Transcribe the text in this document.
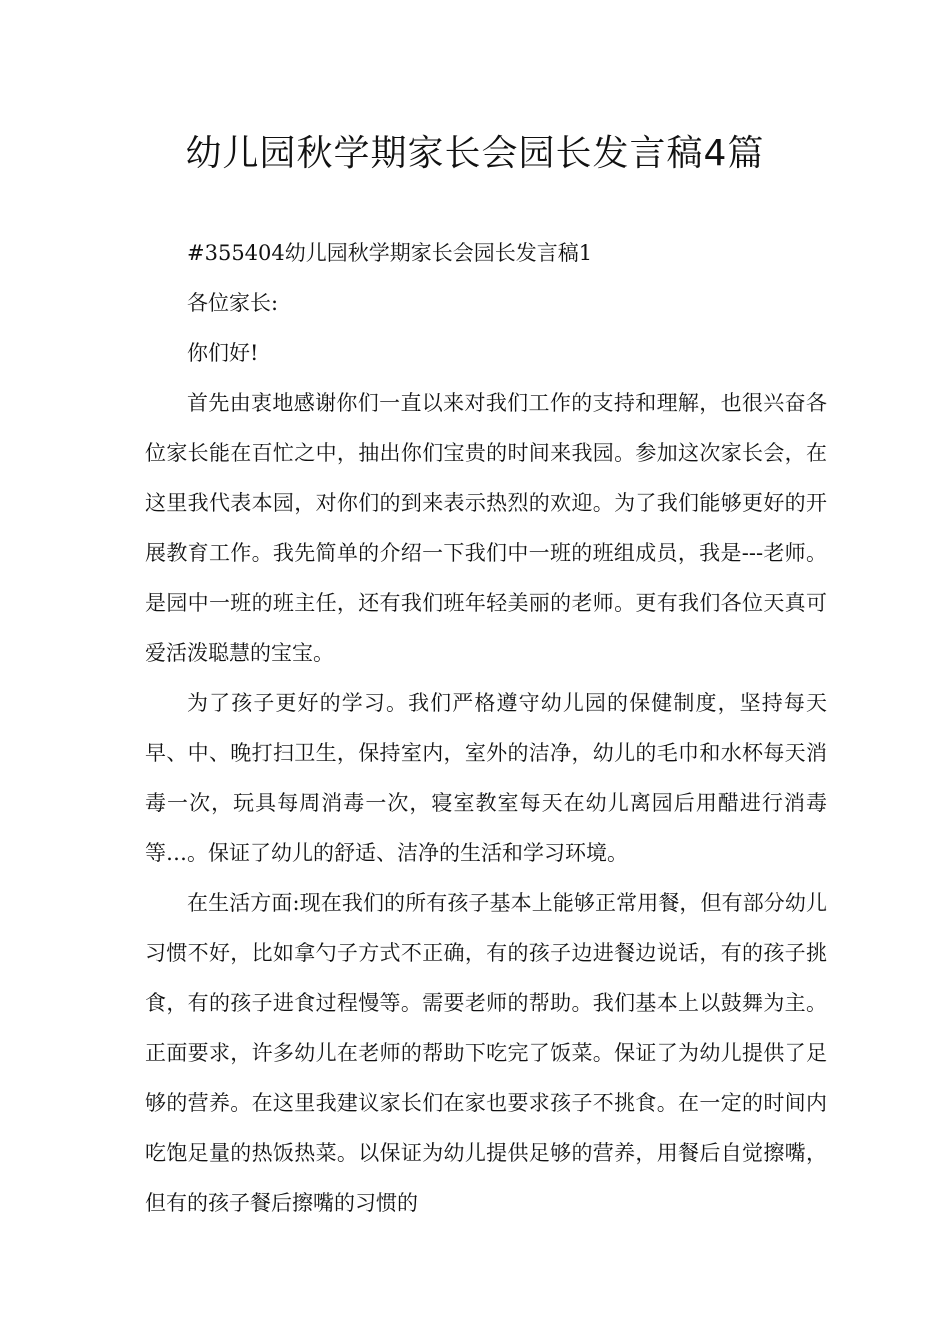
幼儿园秋学期家长会园长发言稿4篇

#355404幼儿园秋学期家长会园长发言稿1

各位家长:

你们好!

首先由衷地感谢你们一直以来对我们工作的支持和理解，也很兴奋各位家长能在百忙之中，抽出你们宝贵的时间来我园。参加这次家长会，在这里我代表本园，对你们的到来表示热烈的欢迎。为了我们能够更好的开展教育工作。我先简单的介绍一下我们中一班的班组成员，我是---老师。是园中一班的班主任，还有我们班年轻美丽的老师。更有我们各位天真可爱活泼聪慧的宝宝。

为了孩子更好的学习。我们严格遵守幼儿园的保健制度，坚持每天早、中、晚打扫卫生，保持室内，室外的洁净，幼儿的毛巾和水杯每天消毒一次，玩具每周消毒一次，寝室教室每天在幼儿离园后用醋进行消毒等…。保证了幼儿的舒适、洁净的生活和学习环境。

在生活方面:现在我们的所有孩子基本上能够正常用餐，但有部分幼儿习惯不好，比如拿勺子方式不正确，有的孩子边进餐边说话，有的孩子挑食，有的孩子进食过程慢等。需要老师的帮助。我们基本上以鼓舞为主。正面要求，许多幼儿在老师的帮助下吃完了饭菜。保证了为幼儿提供了足够的营养。在这里我建议家长们在家也要求孩子不挑食。在一定的时间内吃饱足量的热饭热菜。以保证为幼儿提供足够的营养，用餐后自觉擦嘴，但有的孩子餐后擦嘴的习惯的
